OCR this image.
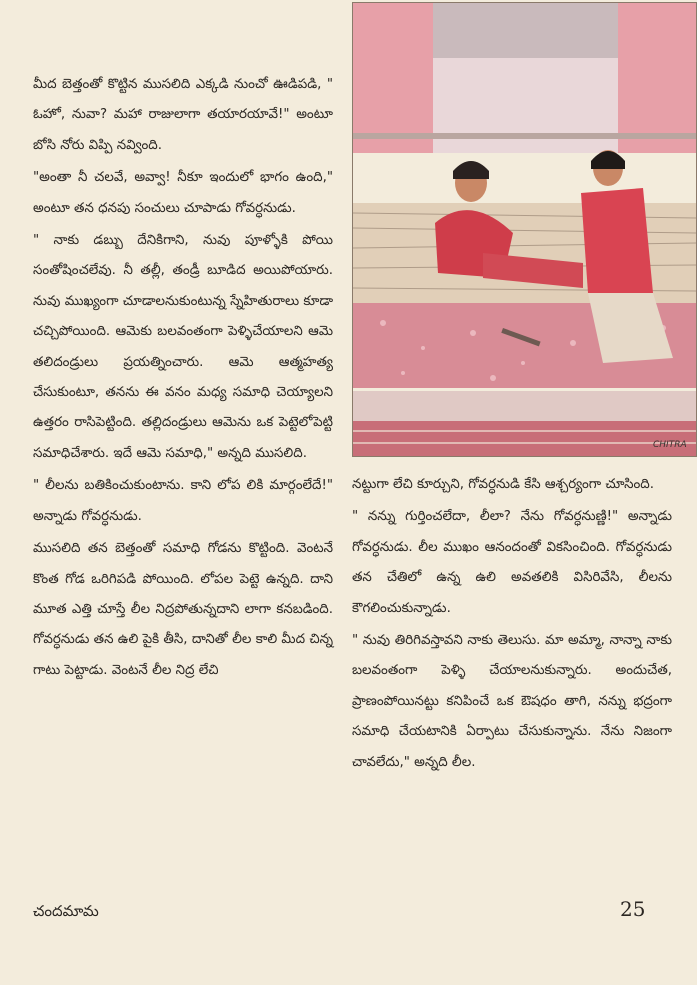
మీద బెత్తంతో కొట్టిన ముసలిది ఎక్కడి నుంచో ఊడిపడి, " ఓహో, నువా? మహా రాజులాగా తయారయావే!" అంటూ బోసి నోరు విప్పి నవ్వింది.

"అంతా నీ చలవే, అవ్వా! నీకూ ఇందులో భాగం ఉంది," అంటూ తన ధనపు సంచులు చూపాడు గోవర్ధనుడు.

" నాకు డబ్బు దేనికిగాని, నువు పూళ్ళోకి పోయి సంతోషించలేవు. నీ తల్లీ, తండ్రీ బూడిద అయిపోయారు. నువు ముఖ్యంగా చూడాలనుకుంటున్న స్నేహితురాలు కూడా చచ్చిపోయింది. ఆమెకు బలవంతంగా పెళ్ళిచేయాలని ఆమె తలిదండ్రులు ప్రయత్నించారు. ఆమె ఆత్మహత్య చేసుకుంటూ, తనను ఈ వనం మధ్య సమాధి చెయ్యాలని ఉత్తరం రాసిపెట్టింది. తల్లిదండ్రులు ఆమెను ఒక పెట్టెలోపెట్టి సమాధిచేశారు. ఇదే ఆమె సమాధి," అన్నది ముసలిది.

" లీలను బతికించుకుంటాను. కాని లోప లికి మార్గంలేదే!" అన్నాడు గోవర్ధనుడు.

ముసలిది తన బెత్తంతో సమాధి గోడను కొట్టింది. వెంటనే కొంత గోడ ఒరిగిపడి పోయింది. లోపల పెట్టె ఉన్నది. దాని మూత ఎత్తి చూస్తే లీల నిద్రపోతున్నదాని లాగా కనబడింది. గోవర్ధనుడు తన ఉలి పైకి తీసి, దానితో లీల కాలి మీద చిన్న గాటు పెట్టాడు. వెంటనే లీల నిద్ర లేచి

CHITRA

నట్టుగా లేచి కూర్చుని, గోవర్ధనుడి కేసి ఆశ్చర్యంగా చూసింది.

" నన్ను గుర్తించలేదా, లీలా? నేను గోవర్ధనుణ్ణి!" అన్నాడు గోవర్ధనుడు. లీల ముఖం ఆనందంతో వికసించింది. గోవర్ధనుడు తన చేతిలో ఉన్న ఉలి అవతలికి విసిరివేసి, లీలను కౌగలించుకున్నాడు.

" నువు తిరిగివస్తావని నాకు తెలుసు. మా అమ్మా, నాన్నా నాకు బలవంతంగా పెళ్ళి చేయాలనుకున్నారు. అందుచేత, ప్రాణంపోయినట్టు కనిపించే ఒక ఔషధం తాగి, నన్ను భద్రంగా సమాధి చేయటానికి ఏర్పాటు చేసుకున్నాను. నేను నిజంగా చావలేదు," అన్నది లీల.

చందమామ	25
